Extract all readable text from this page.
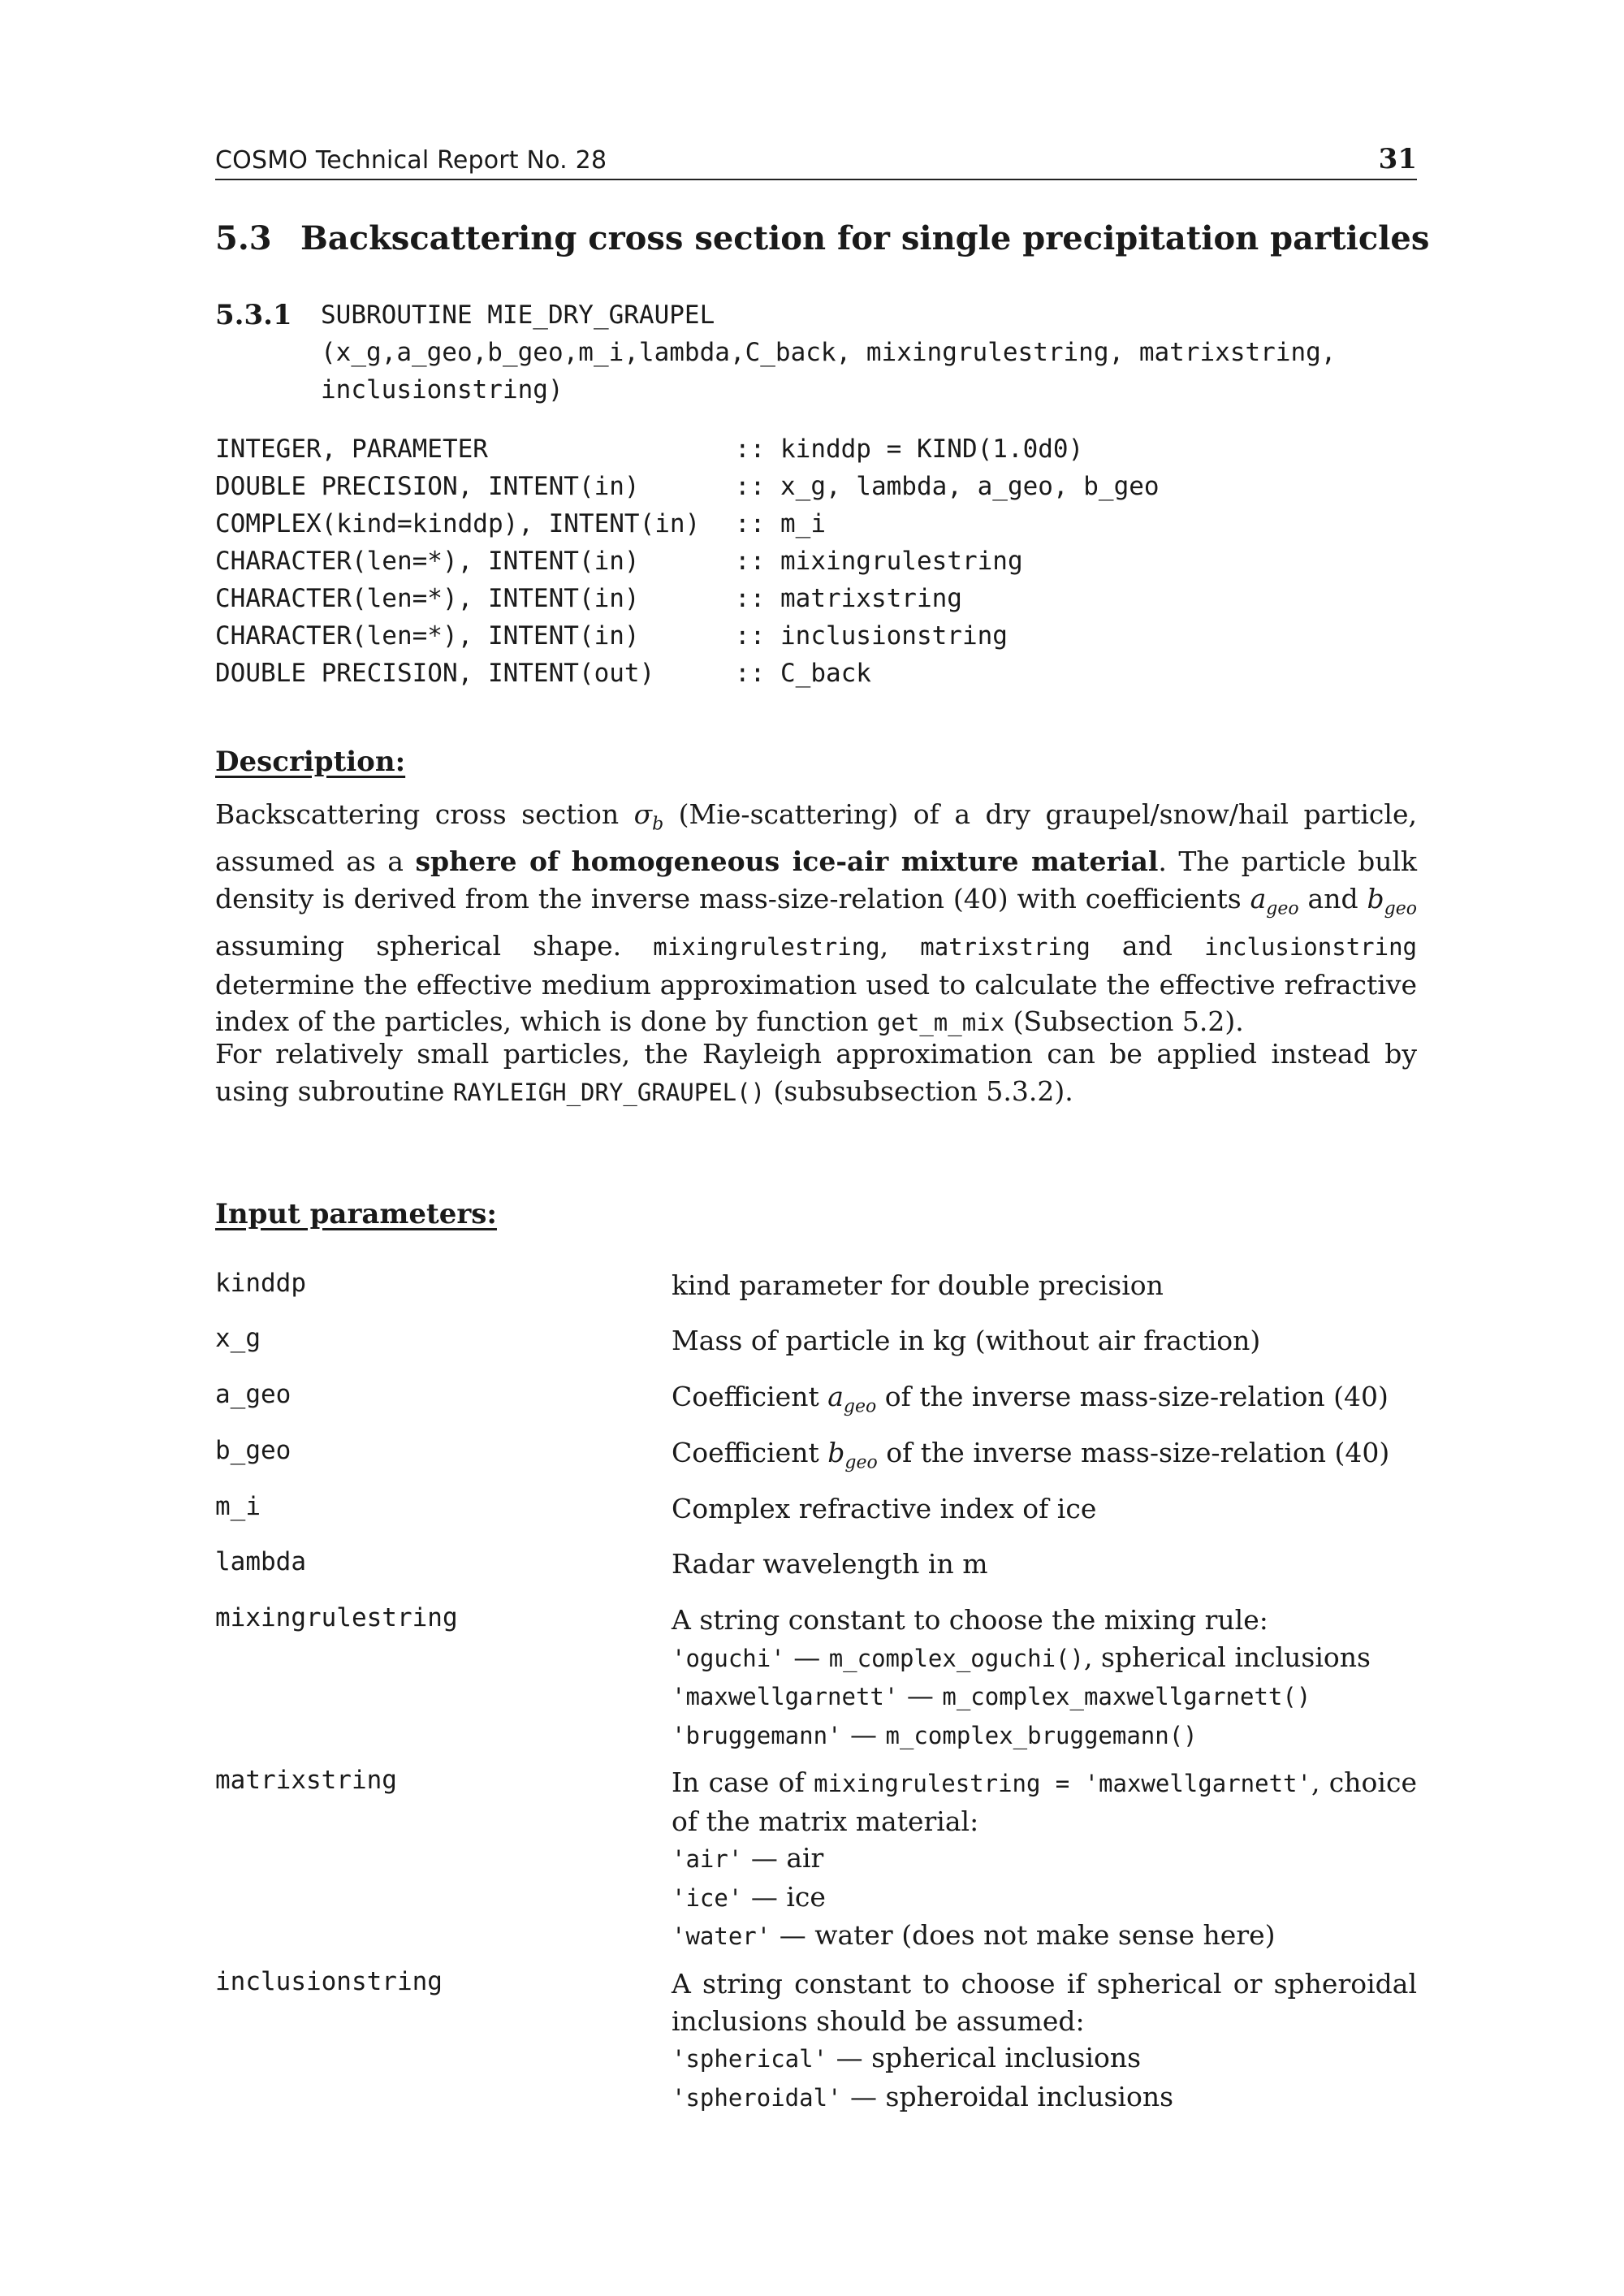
COSMO Technical Report No. 28	31
5.3 Backscattering cross section for single precipitation particles
5.3.1 SUBROUTINE MIE_DRY_GRAUPEL
(x_g,a_geo,b_geo,m_i,lambda,C_back, mixingrulestring, matrixstring,
inclusionstring)
INTEGER, PARAMETER	:: kinddp = KIND(1.0d0)
DOUBLE PRECISION, INTENT(in)	:: x_g, lambda, a_geo, b_geo
COMPLEX(kind=kinddp), INTENT(in) :: m_i
CHARACTER(len=*), INTENT(in)	:: mixingrulestring
CHARACTER(len=*), INTENT(in)	:: matrixstring
CHARACTER(len=*), INTENT(in)	:: inclusionstring
DOUBLE PRECISION, INTENT(out)	:: C_back
Description:

Backscattering cross section $\sigma_b$ (Mie-scattering) of a dry graupel/snow/hail particle, assumed as a sphere of homogeneous ice-air mixture material. The particle bulk density is derived from the inverse mass-size-relation (40) with coefficients $a_{geo}$ and $b_{geo}$ assuming spherical shape. mixingrulestring, matrixstring and inclusionstring determine the effective medium approximation used to calculate the effective refractive index of the particles, which is done by function get_m_mix (Subsection 5.2).

For relatively small particles, the Rayleigh approximation can be applied instead by using subroutine RAYLEIGH_DRY_GRAUPEL() (subsubsection 5.3.2).

Input parameters:
kinddp	kind parameter for double precision
x_g	Mass of particle in kg (without air fraction)
a_geo	Coefficient $a_{geo}$ of the inverse mass-size-relation (40)
b_geo	Coefficient $b_{geo}$ of the inverse mass-size-relation (40)
m_i	Complex refractive index of ice
lambda	Radar wavelength in m
mixingrulestring	A string constant to choose the mixing rule:
'oguchi' — m_complex_oguchi(), spherical inclusions
'maxwellgarnett' — m_complex_maxwellgarnett()
'bruggemann' — m_complex_bruggemann()
matrixstring	In case of mixingrulestring = 'maxwellgarnett', choice of the matrix material:
'air' — air
'ice' — ice
'water' — water (does not make sense here)
inclusionstring	A string constant to choose if spherical or spheroidal inclusions should be assumed:
'spherical' — spherical inclusions
'spheroidal' — spheroidal inclusions
